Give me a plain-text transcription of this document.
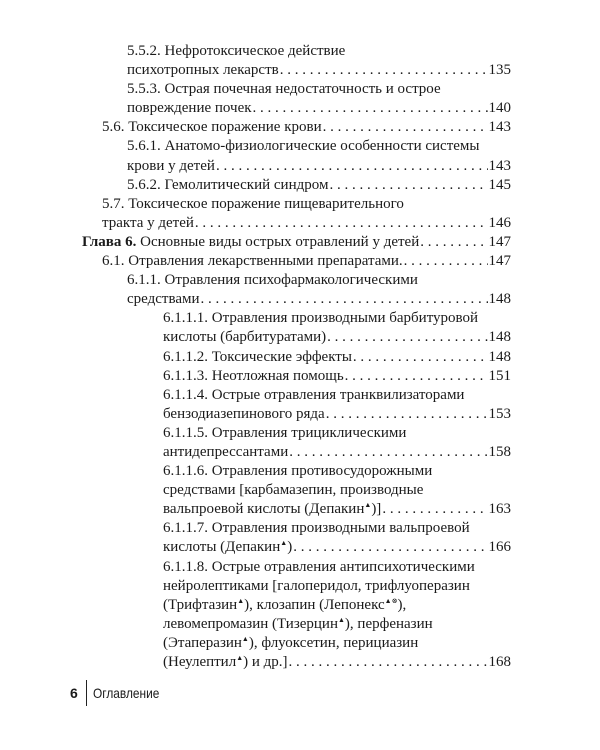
5.5.2. Нефротоксическое действие
психотропных лекарств . . .	135
5.5.3. Острая почечная недостаточность и острое
повреждение почек . . .	140
5.6. Токсическое поражение крови . . .	143
5.6.1. Анатомо-физиологические особенности системы
крови у детей . . .	143
5.6.2. Гемолитический синдром . . .	145
5.7. Токсическое поражение пищеварительного
тракта у детей . . .	146
Глава 6. Основные виды острых отравлений у детей . . .	147
6.1. Отравления лекарственными препаратами. . . .	147
6.1.1. Отравления психофармакологическими
средствами . . .	148
6.1.1.1. Отравления производными барбитуровой
кислоты (барбитуратами) . . .	148
6.1.1.2. Токсические эффекты . . .	148
6.1.1.3. Неотложная помощь . . .	151
6.1.1.4. Острые отравления транквилизаторами
бензодиазепинового ряда . . .	153
6.1.1.5. Отравления трициклическими
антидепрессантами . . .	158
6.1.1.6. Отравления противосудорожными
средствами [карбамазепин, производные
вальпроевой кислоты (Депакин▲)] . . .	163
6.1.1.7. Отравления производными вальпроевой
кислоты (Депакин▲) . . .	166
6.1.1.8. Острые отравления антипсихотическими
нейролептиками [галоперидол, трифлуоперазин
(Трифтазин▲), клозапин (Лепонекс▲⊗),
левомепромазин (Тизерцин▲), перфеназин
(Этаперазин▲), флуоксетин, перициазин
(Неулептил▲) и др.] . . .	168
6 Оглавление
